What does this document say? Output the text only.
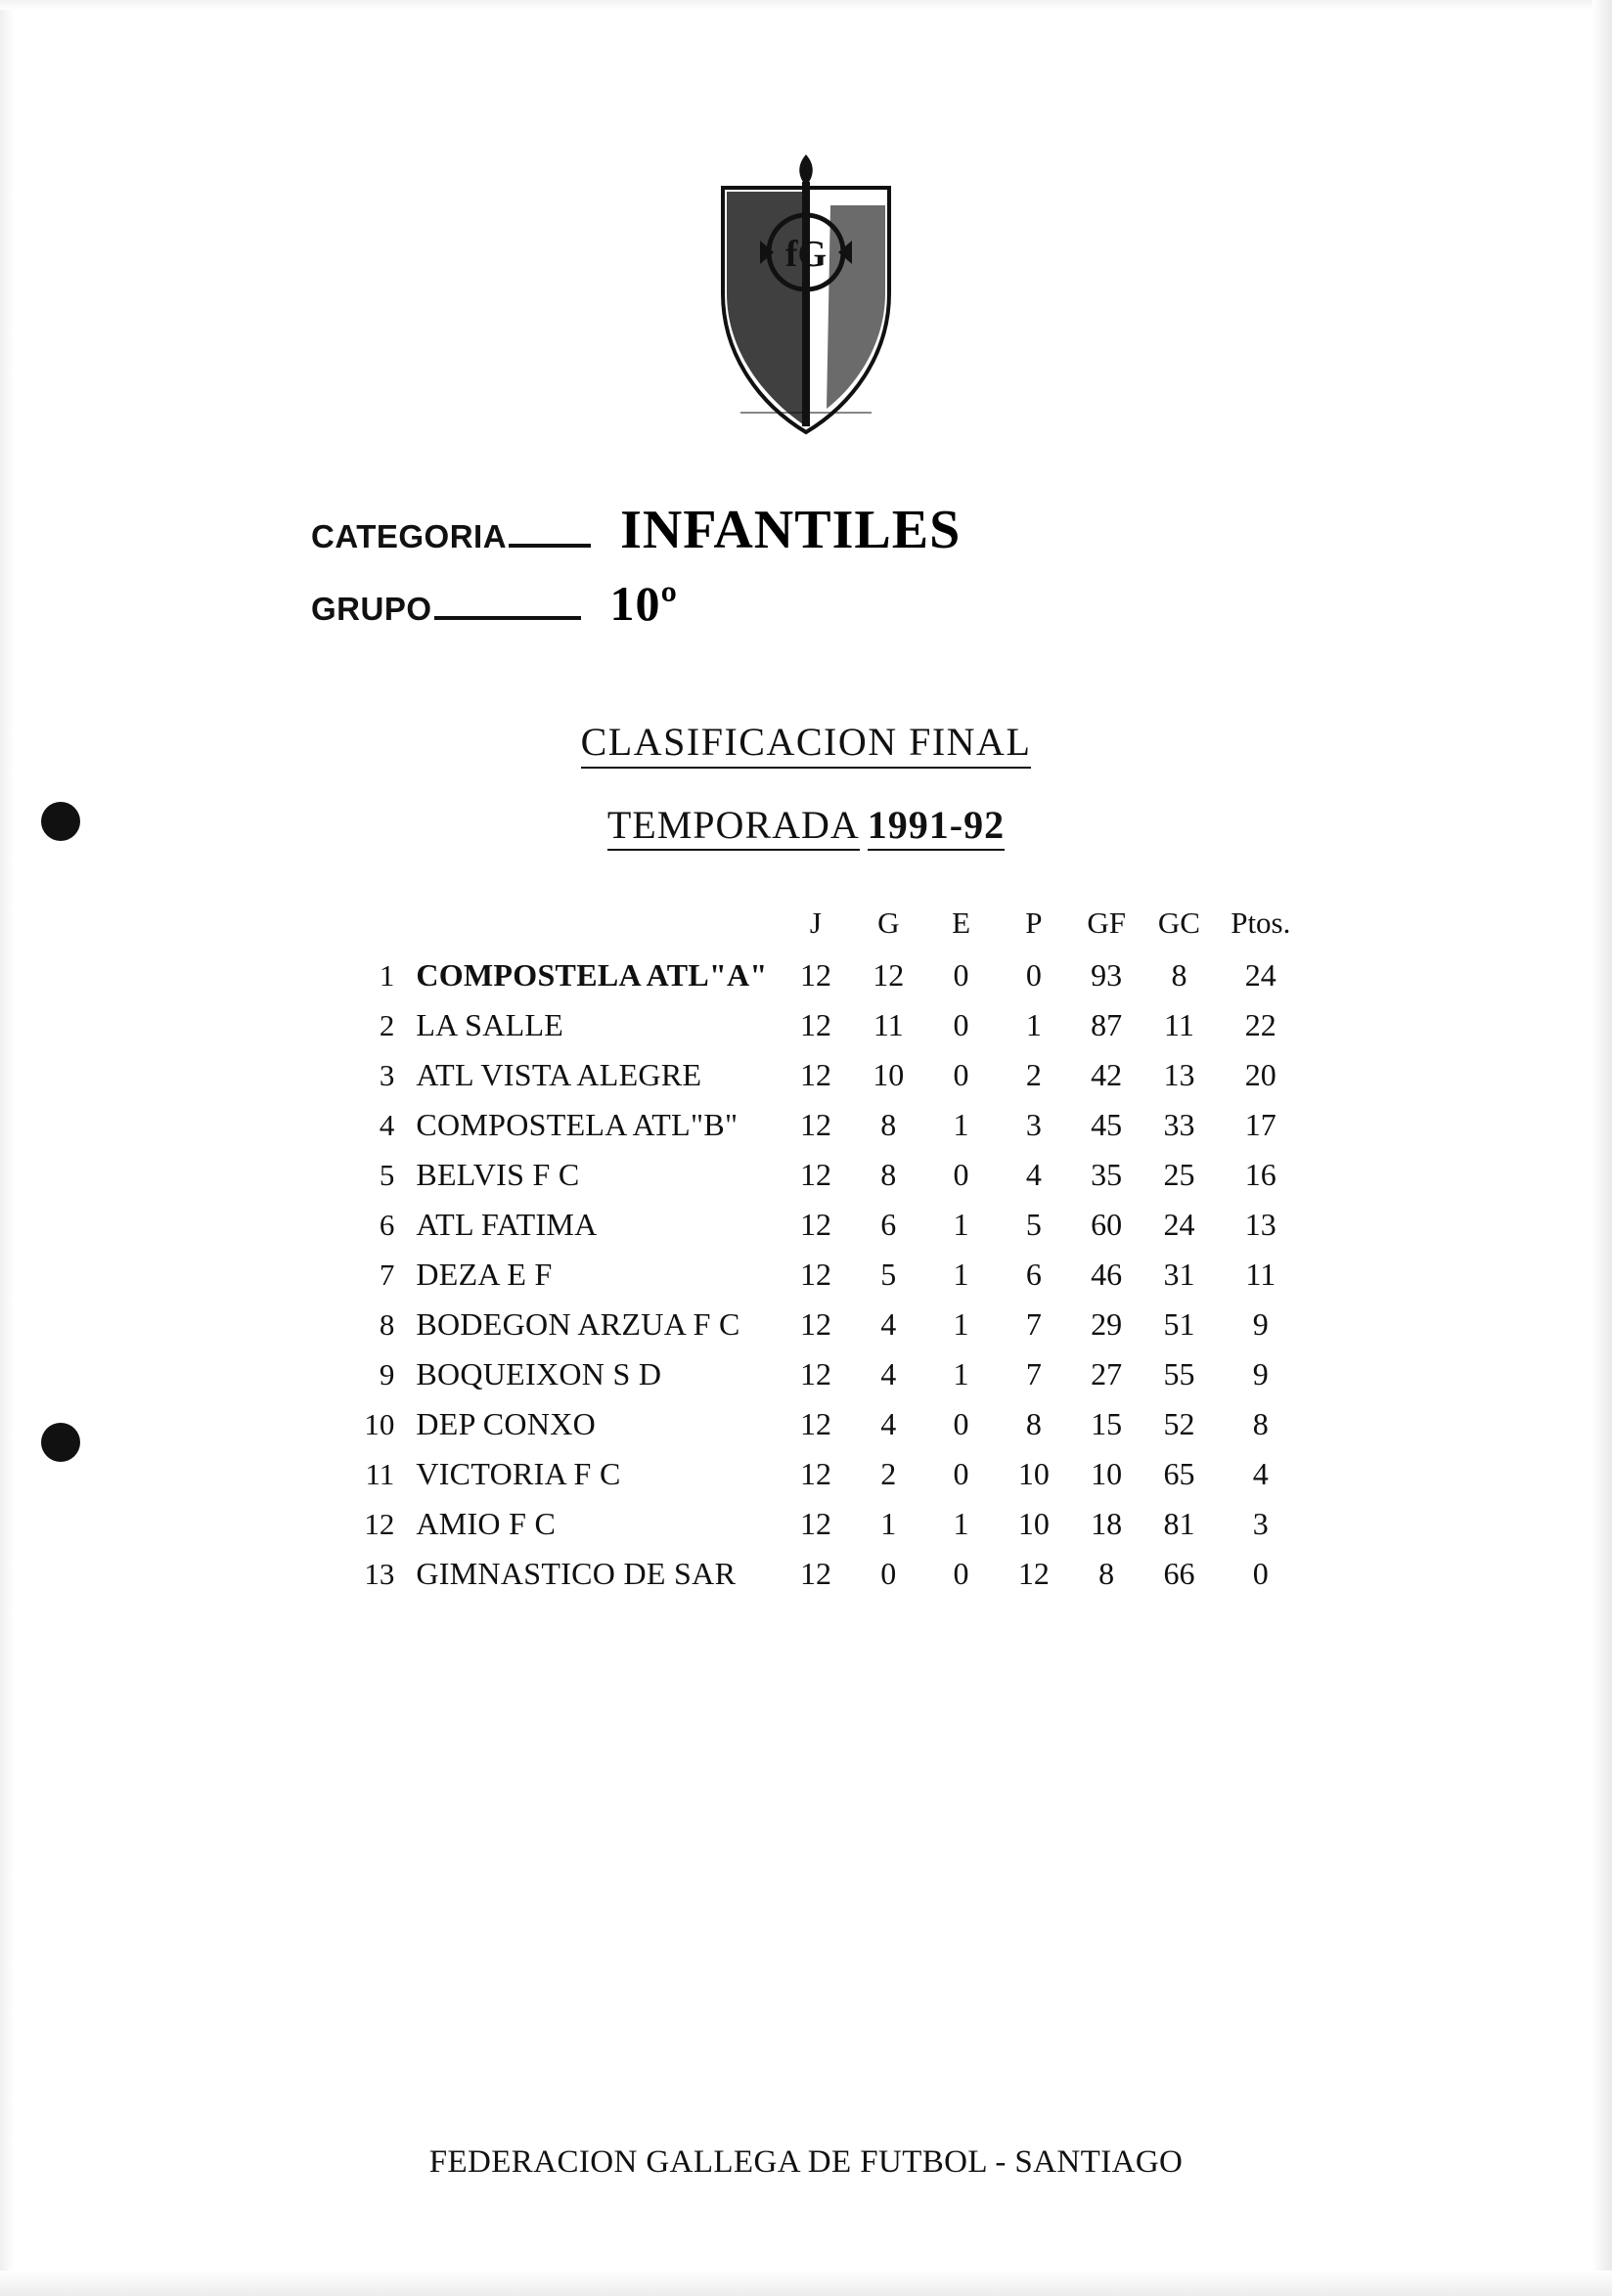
fG
CATEGORIA INFANTILES
GRUPO	10º
CLASIFICACION FINAL
TEMPORADA 1991-92
		J	G	E	P	GF	GC	Ptos.
1	COMPOSTELA ATL"A"	12	12	0	0	93	8	24
2	LA SALLE	12	11	0	1	87	11	22
3	ATL VISTA ALEGRE	12	10	0	2	42	13	20
4	COMPOSTELA ATL"B"	12	8	1	3	45	33	17
5	BELVIS F C	12	8	0	4	35	25	16
6	ATL FATIMA	12	6	1	5	60	24	13
7	DEZA E F	12	5	1	6	46	31	11
8	BODEGON ARZUA F C	12	4	1	7	29	51	9
9	BOQUEIXON S D	12	4	1	7	27	55	9
10	DEP CONXO	12	4	0	8	15	52	8
11	VICTORIA F C	12	2	0	10	10	65	4
12	AMIO F C	12	1	1	10	18	81	3
13	GIMNASTICO DE SAR	12	0	0	12	8	66	0
FEDERACION GALLEGA DE FUTBOL - SANTIAGO
